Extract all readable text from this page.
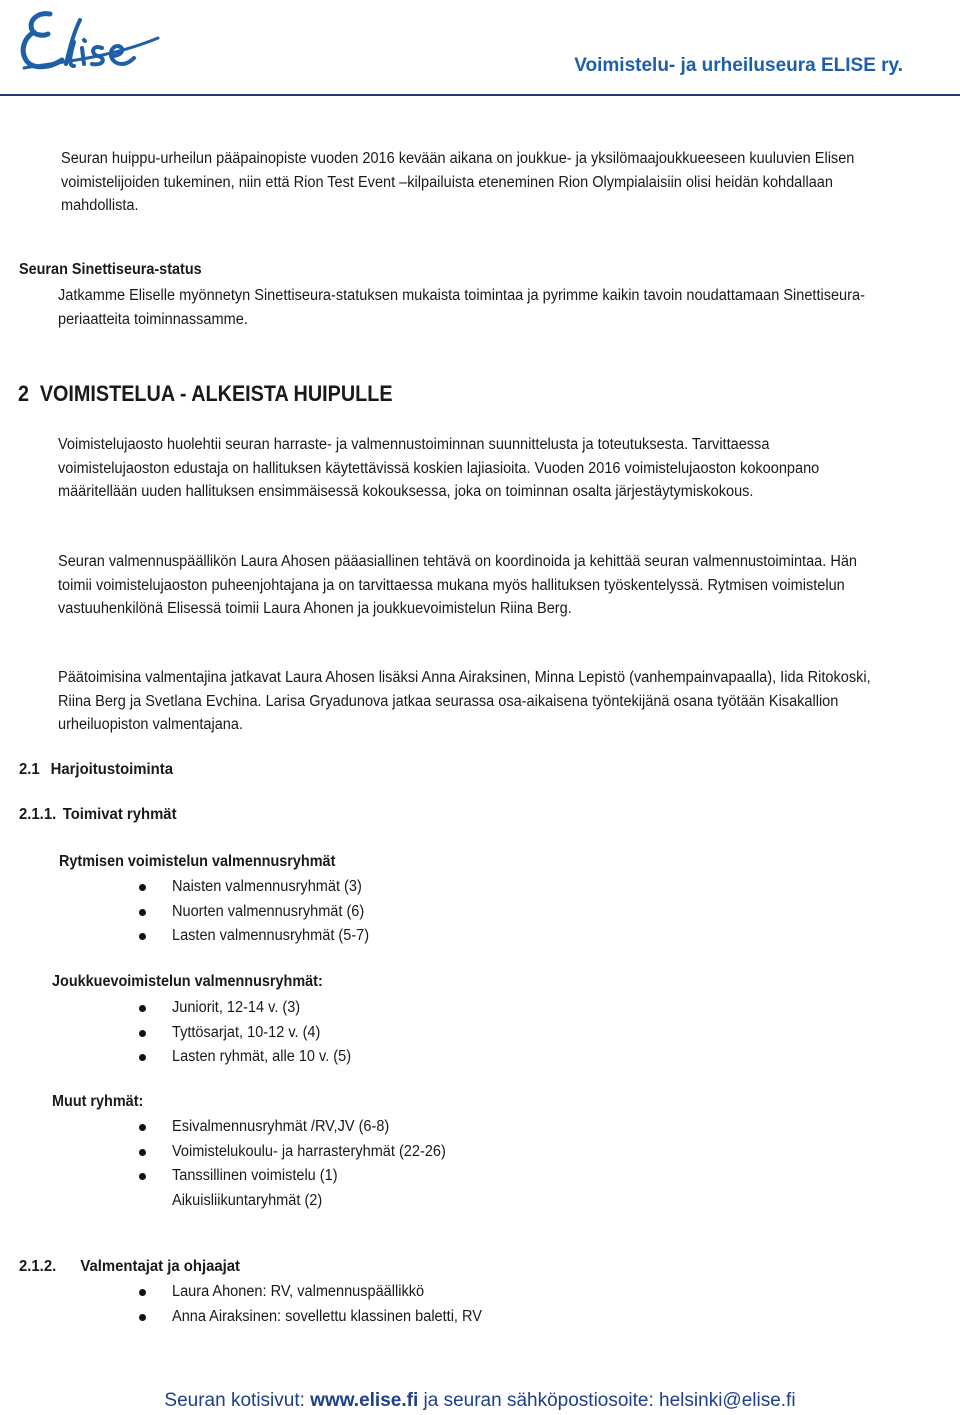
Elise
Voimistelu- ja urheiluseura ELISE ry.

Seuran huippu-urheilun pääpainopiste vuoden 2016 kevään aikana on joukkue- ja yksilömaajoukkueeseen kuuluvien Elisen voimistelijoiden tukeminen, niin että Rion Test Event –kilpailuista eteneminen Rion Olympialaisiin olisi heidän kohdallaan mahdollista.

Seuran Sinettiseura-status

Jatkamme Eliselle myönnetyn Sinettiseura-statuksen mukaista toimintaa ja pyrimme kaikin tavoin noudattamaan Sinettiseura-periaatteita toiminnassamme.

2 VOIMISTELUA - ALKEISTA HUIPULLE

Voimistelujaosto huolehtii seuran harraste- ja valmennustoiminnan suunnittelusta ja toteutuksesta. Tarvittaessa voimistelujaoston edustaja on hallituksen käytettävissä koskien lajiasioita. Vuoden 2016 voimistelujaoston kokoonpano määritellään uuden hallituksen ensimmäisessä kokouksessa, joka on toiminnan osalta järjestäytymiskokous.

Seuran valmennuspäällikön Laura Ahosen pääasiallinen tehtävä on koordinoida ja kehittää seuran valmennustoimintaa. Hän toimii voimistelujaoston puheenjohtajana ja on tarvittaessa mukana myös hallituksen työskentelyssä. Rytmisen voimistelun vastuuhenkilönä Elisessä toimii Laura Ahonen ja joukkuevoimistelun Riina Berg.

Päätoimisina valmentajina jatkavat Laura Ahosen lisäksi Anna Airaksinen, Minna Lepistö (vanhempainvapaalla), Iida Ritokoski, Riina Berg ja Svetlana Evchina. Larisa Gryadunova jatkaa seurassa osa-aikaisena työntekijänä osana työtään Kisakallion urheiluopiston valmentajana.

2.1 Harjoitustoiminta
2.1.1. Toimivat ryhmät
Rytmisen voimistelun valmennusryhmät
Naisten valmennusryhmät (3)
Nuorten valmennusryhmät (6)
Lasten valmennusryhmät (5-7)
Joukkuevoimistelun valmennusryhmät:
Juniorit, 12-14 v. (3)
Tyttösarjat, 10-12 v. (4)
Lasten ryhmät, alle 10 v. (5)
Muut ryhmät:
Esivalmennusryhmät /RV,JV (6-8)
Voimistelukoulu- ja harrasteryhmät (22-26)
Tanssillinen voimistelu (1)
Aikuisliikuntaryhmät (2)
2.1.2. Valmentajat ja ohjaajat
Laura Ahonen: RV, valmennuspäällikkö
Anna Airaksinen: sovellettu klassinen baletti, RV
Seuran kotisivut: www.elise.fi ja seuran sähköpostiosoite: helsinki@elise.fi
